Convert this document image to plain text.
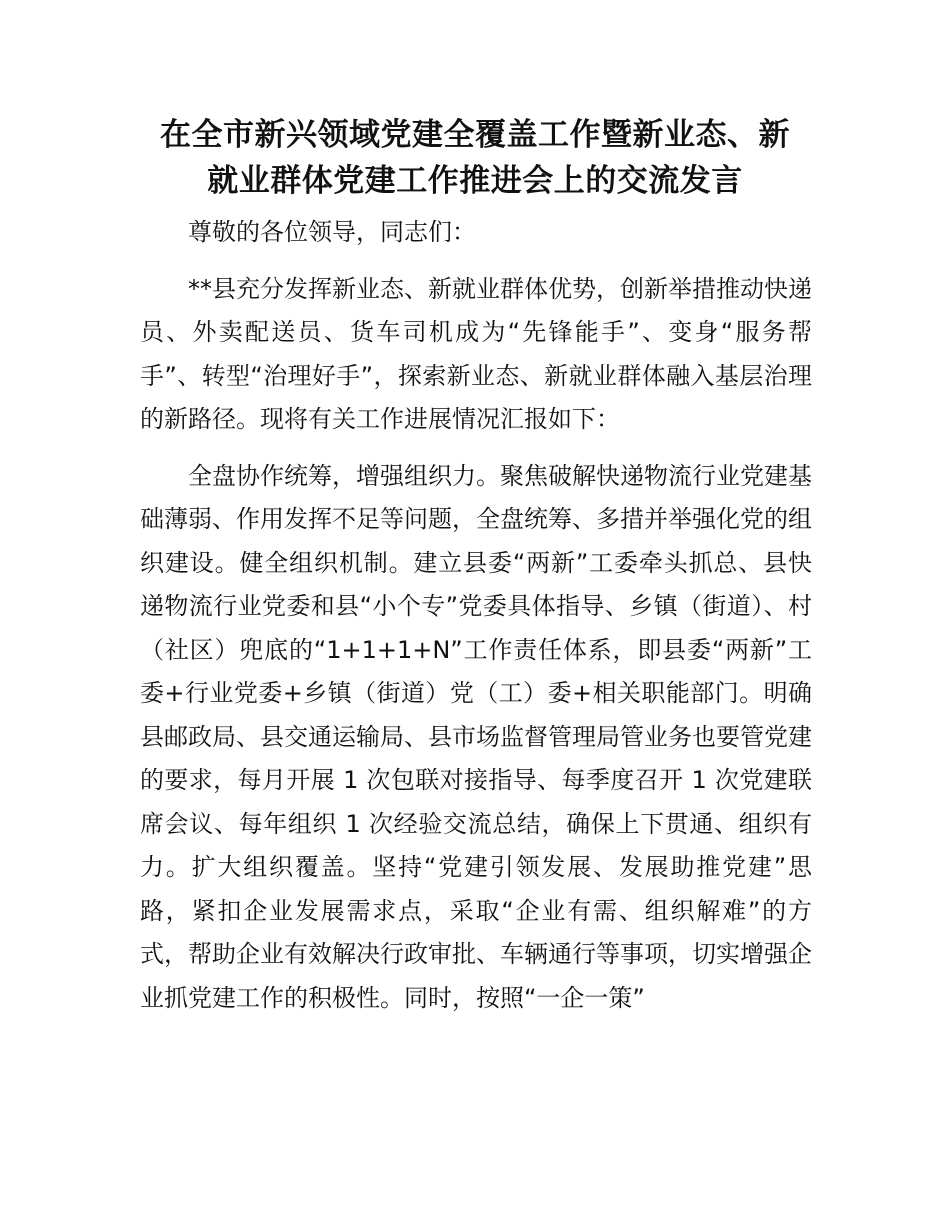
在全市新兴领域党建全覆盖工作暨新业态、新
就业群体党建工作推进会上的交流发言

尊敬的各位领导，同志们：

**县充分发挥新业态、新就业群体优势，创新举措推动快递员、外卖配送员、货车司机成为“先锋能手”、变身“服务帮手”、转型“治理好手”，探索新业态、新就业群体融入基层治理的新路径。现将有关工作进展情况汇报如下：

全盘协作统筹，增强组织力。聚焦破解快递物流行业党建基础薄弱、作用发挥不足等问题，全盘统筹、多措并举强化党的组织建设。健全组织机制。建立县委“两新”工委牵头抓总、县快递物流行业党委和县“小个专”党委具体指导、乡镇（街道）、村（社区）兜底的“1+1+1+N”工作责任体系，即县委“两新”工委+行业党委+乡镇（街道）党（工）委+相关职能部门。明确县邮政局、县交通运输局、县市场监督管理局管业务也要管党建的要求，每月开展 1 次包联对接指导、每季度召开 1 次党建联席会议、每年组织 1 次经验交流总结，确保上下贯通、组织有力。扩大组织覆盖。坚持“党建引领发展、发展助推党建”思路，紧扣企业发展需求点，采取“企业有需、组织解难”的方式，帮助企业有效解决行政审批、车辆通行等事项，切实增强企业抓党建工作的积极性。同时，按照“一企一策”
